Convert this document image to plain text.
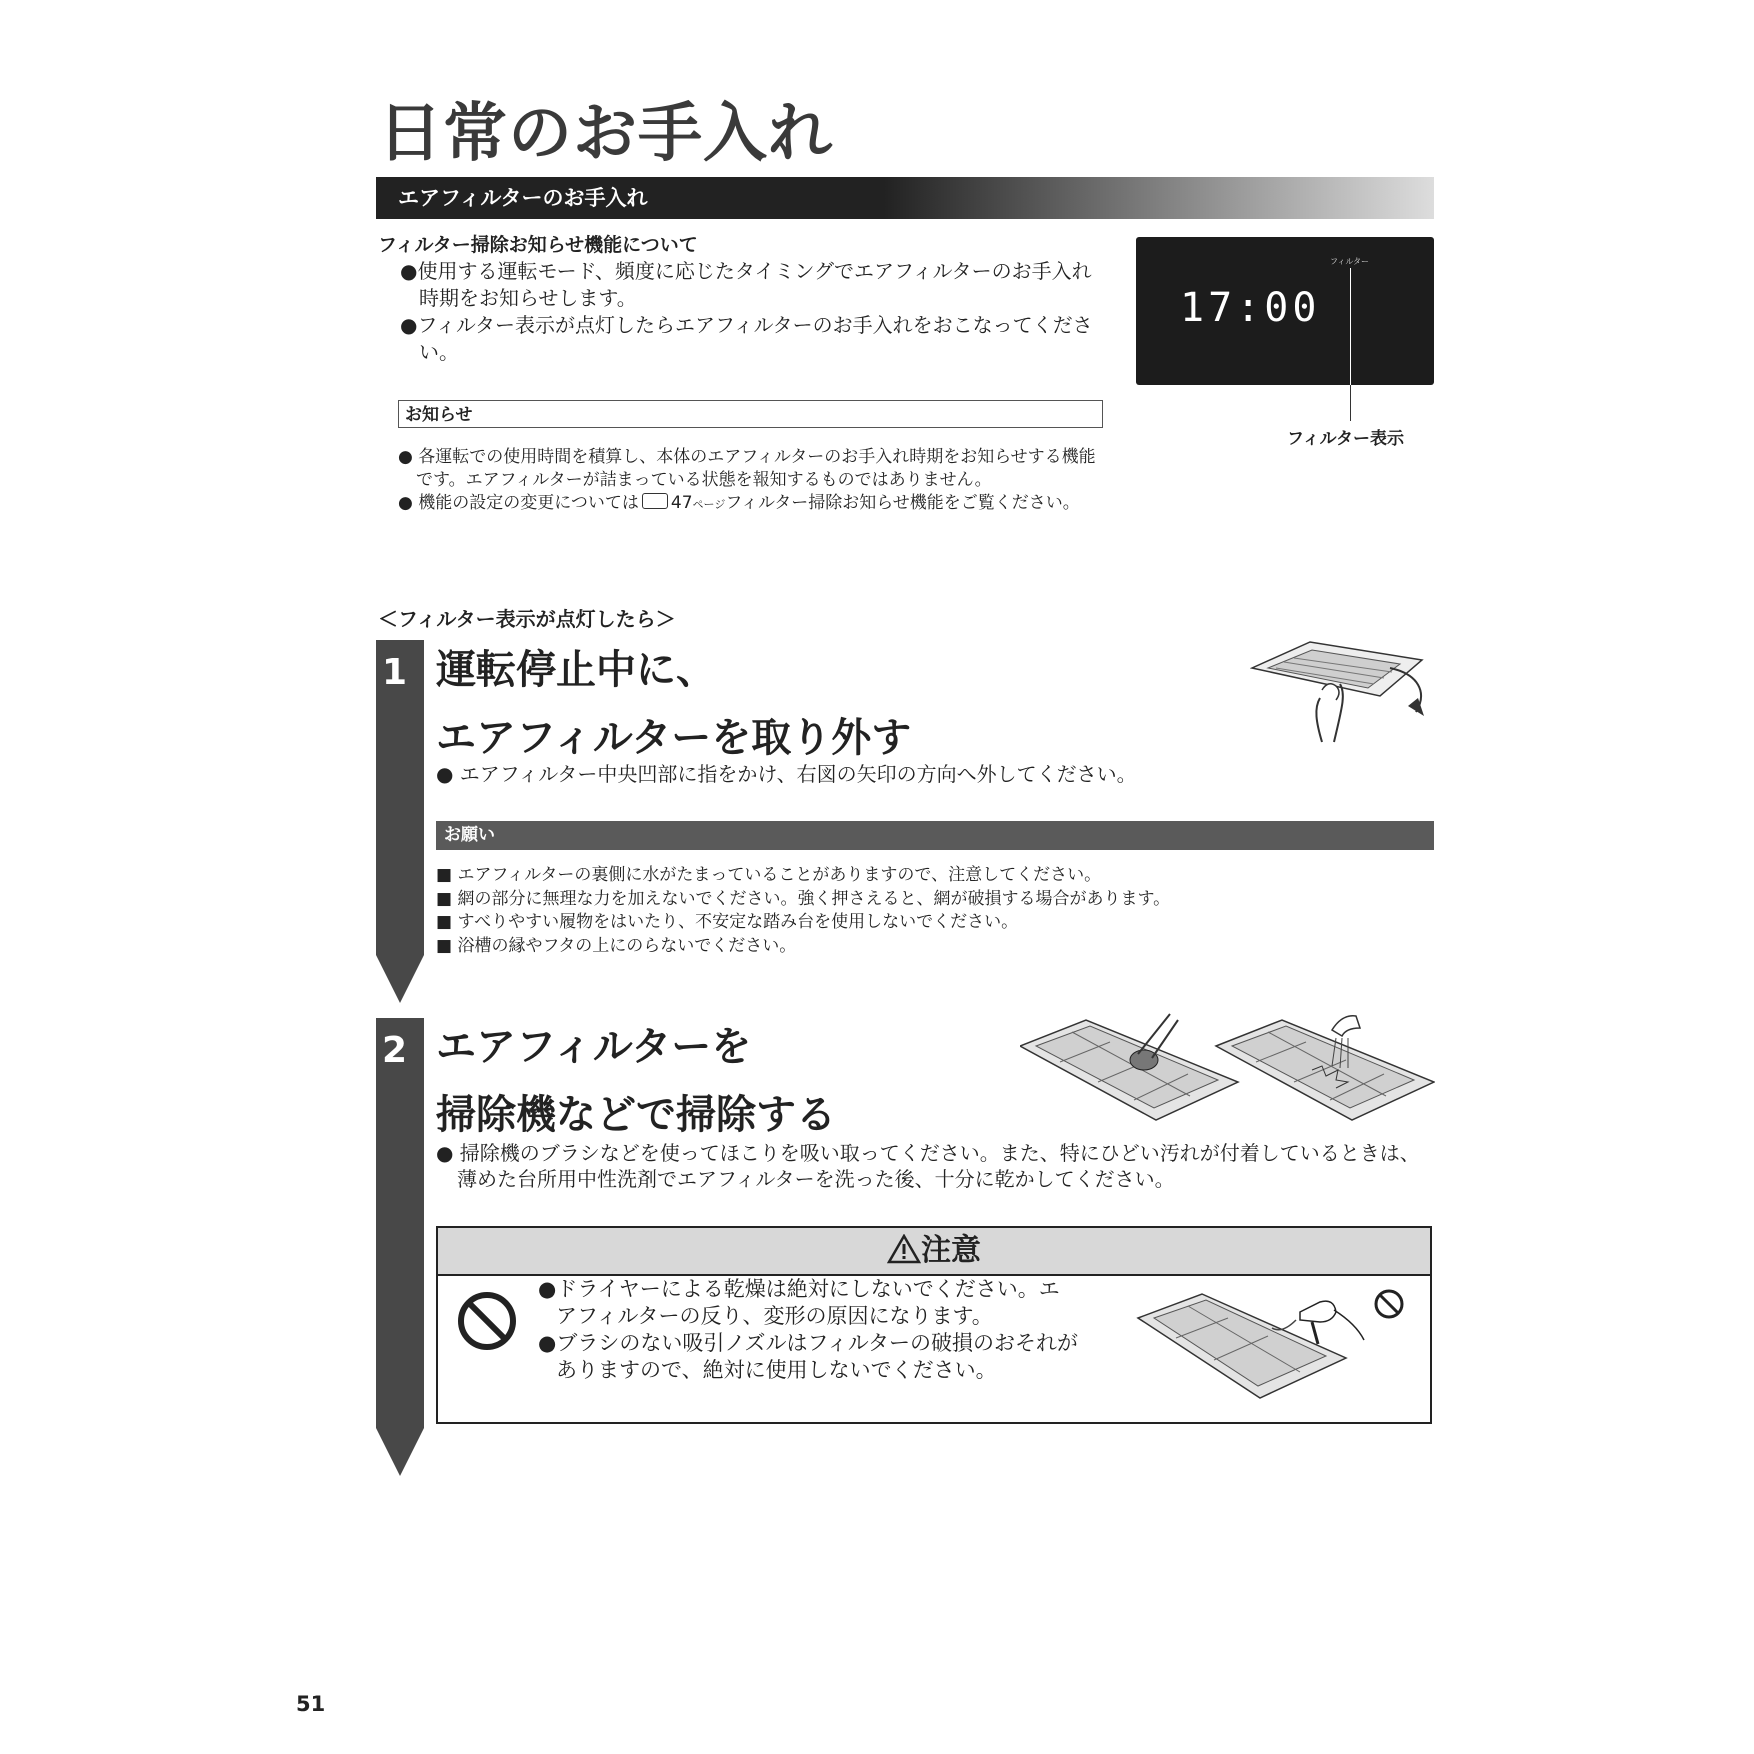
日常のお手入れ
エアフィルターのお手入れ
フィルター掃除お知らせ機能について

●使用する運転モード、頻度に応じたタイミングでエアフィルターのお手入れ時期をお知らせします。

●フィルター表示が点灯したらエアフィルターのお手入れをおこなってください。

お知らせ

● 各運転での使用時間を積算し、本体のエアフィルターのお手入れ時期をお知らせする機能です。エアフィルターが詰まっている状態を報知するものではありません。

● 機能の設定の変更については 47ページフィルター掃除お知らせ機能をご覧ください。

17:00
フィルター
フィルター表示
＜フィルター表示が点灯したら＞
1 運転停止中に、
エアフィルターを取り外す

● エアフィルター中央凹部に指をかけ、右図の矢印の方向へ外してください。

お願い

■ エアフィルターの裏側に水がたまっていることがありますので、注意してください。

■ 網の部分に無理な力を加えないでください。強く押さえると、網が破損する場合があります。

■ すべりやすい履物をはいたり、不安定な踏み台を使用しないでください。

■ 浴槽の縁やフタの上にのらないでください。

2 エアフィルターを
掃除機などで掃除する

● 掃除機のブラシなどを使ってほこりを吸い取ってください。また、特にひどい汚れが付着しているときは、薄めた台所用中性洗剤でエアフィルターを洗った後、十分に乾かしてください。

注意

●ドライヤーによる乾燥は絶対にしないでください。エアフィルターの反り、変形の原因になります。

●ブラシのない吸引ノズルはフィルターの破損のおそれがありますので、絶対に使用しないでください。

51
